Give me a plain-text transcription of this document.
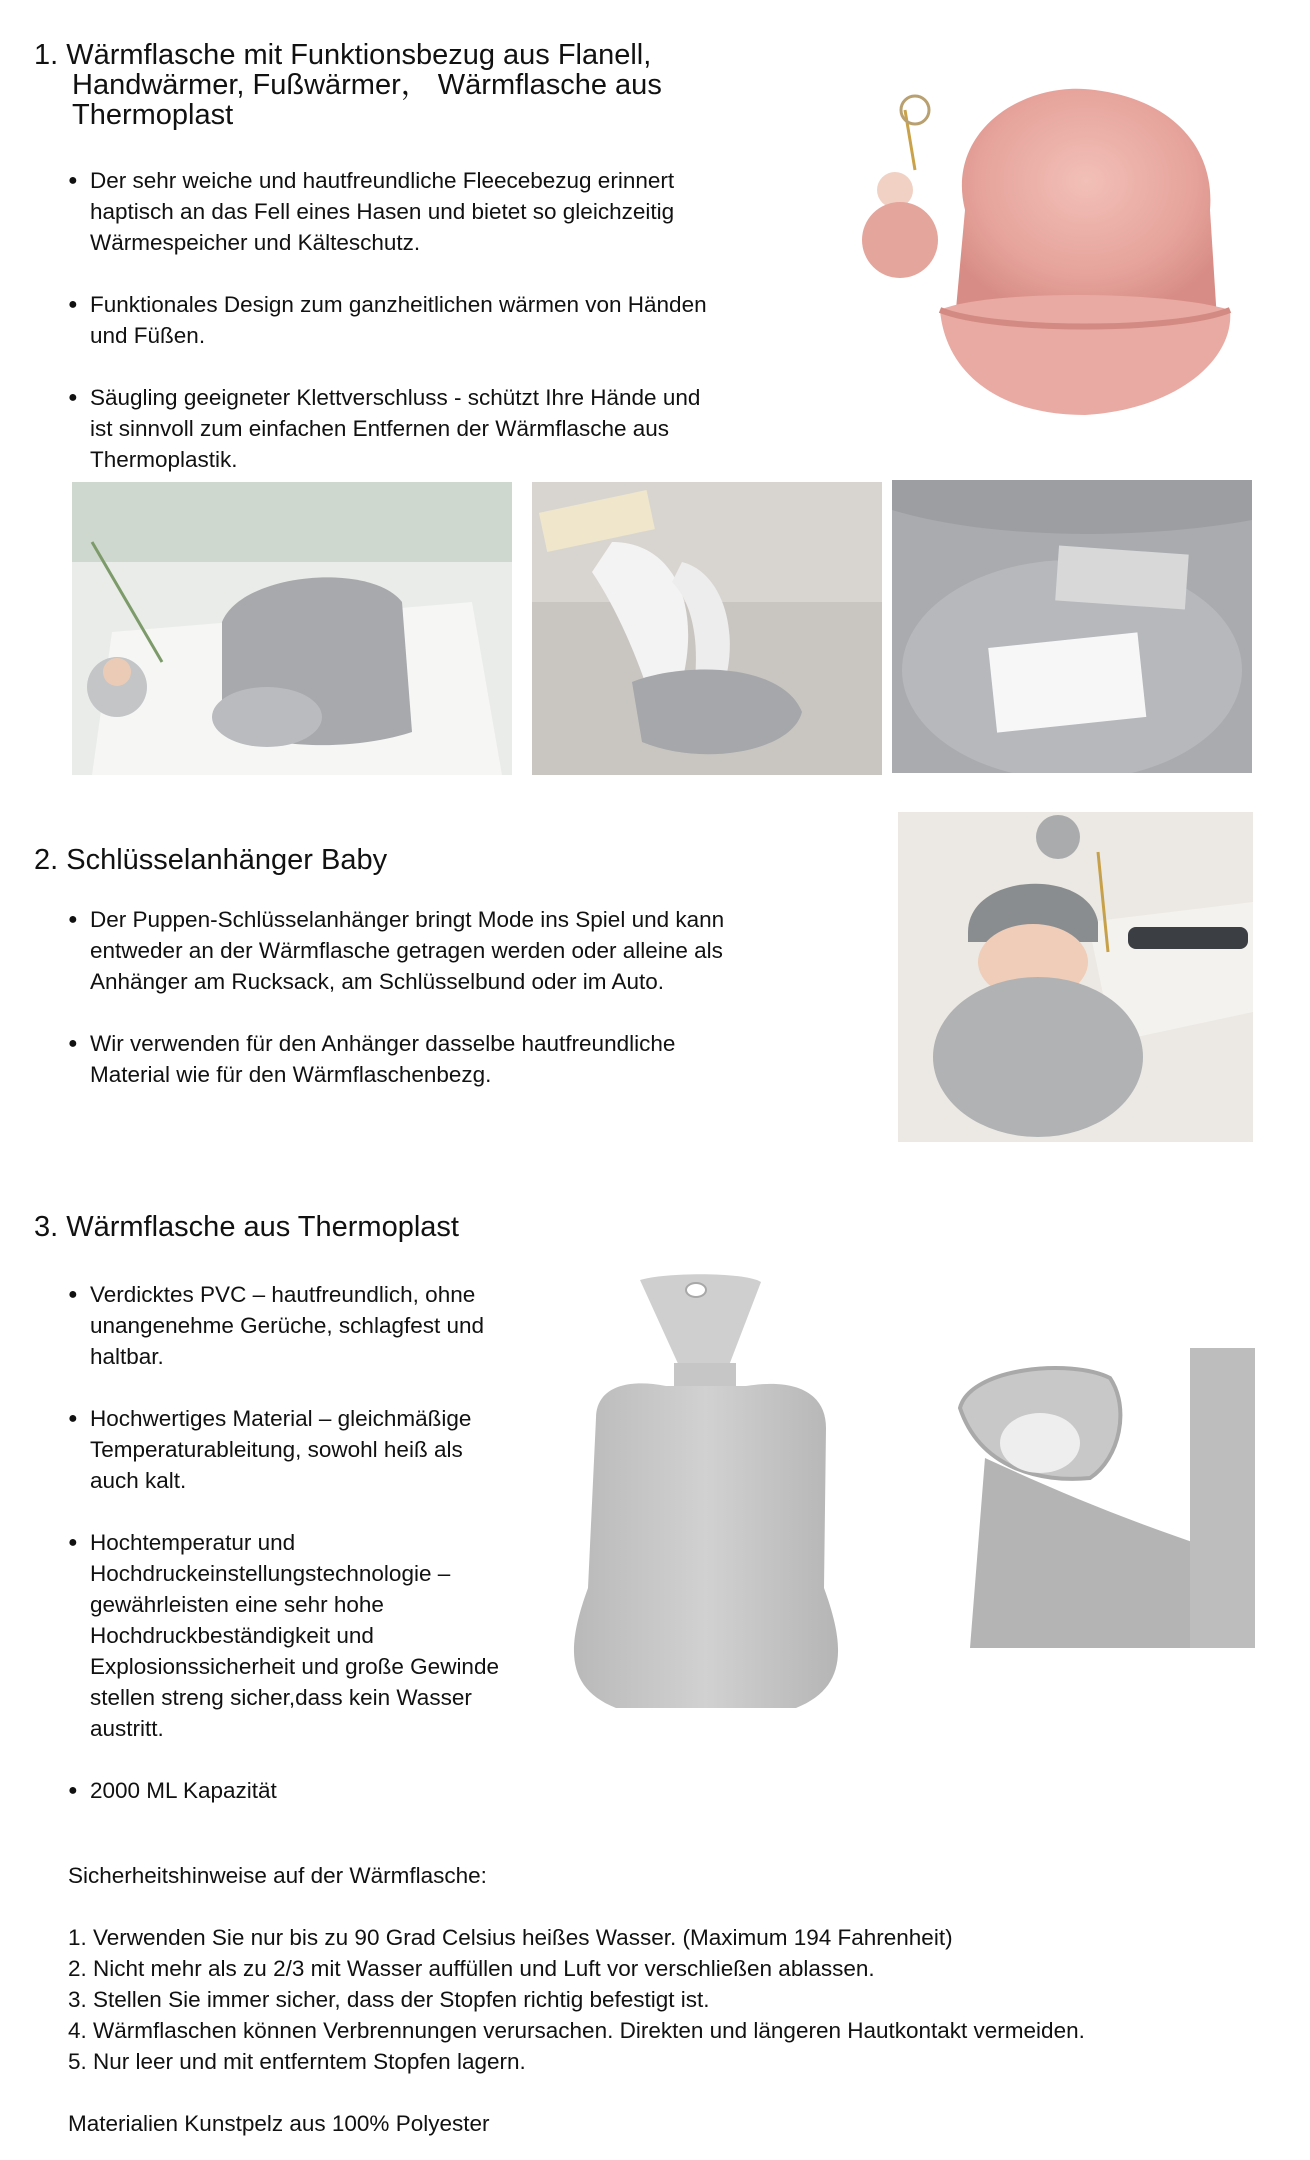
1. Wärmflasche mit Funktionsbezug aus Flanell,
Handwärmer, Fußwärmer， Wärmflasche aus
Thermoplast
● Der sehr weiche und hautfreundliche Fleecebezug erinnert
haptisch an das Fell eines Hasen und bietet so gleichzeitig
Wärmespeicher und Kälteschutz.
● Funktionales Design zum ganzheitlichen wärmen von Händen
und Füßen.
● Säugling geeigneter Klettverschluss - schützt Ihre Hände und
ist sinnvoll zum einfachen Entfernen der Wärmflasche aus
Thermoplastik.
2. Schlüsselanhänger Baby
● Der Puppen-Schlüsselanhänger bringt Mode ins Spiel und kann
entweder an der Wärmflasche getragen werden oder alleine als
Anhänger am Rucksack, am Schlüsselbund oder im Auto.
● Wir verwenden für den Anhänger dasselbe hautfreundliche
Material wie für den Wärmflaschenbezg.
3. Wärmflasche aus Thermoplast
● Verdicktes PVC – hautfreundlich, ohne
unangenehme Gerüche, schlagfest und
haltbar.
● Hochwertiges Material – gleichmäßige
Temperaturableitung, sowohl heiß als
auch kalt.
● Hochtemperatur und
Hochdruckeinstellungstechnologie –
gewährleisten eine sehr hohe
Hochdruckbeständigkeit und
Explosionssicherheit und große Gewinde
stellen streng sicher,dass kein Wasser
austritt.
● 2000 ML Kapazität
Sicherheitshinweise auf der Wärmflasche:
1. Verwenden Sie nur bis zu 90 Grad Celsius heißes Wasser. (Maximum 194 Fahrenheit)
2. Nicht mehr als zu 2/3 mit Wasser auffüllen und Luft vor verschließen ablassen.
3. Stellen Sie immer sicher, dass der Stopfen richtig befestigt ist.
4. Wärmflaschen können Verbrennungen verursachen. Direkten und längeren Hautkontakt vermeiden.
5. Nur leer und mit entferntem Stopfen lagern.
Materialien Kunstpelz aus 100% Polyester
